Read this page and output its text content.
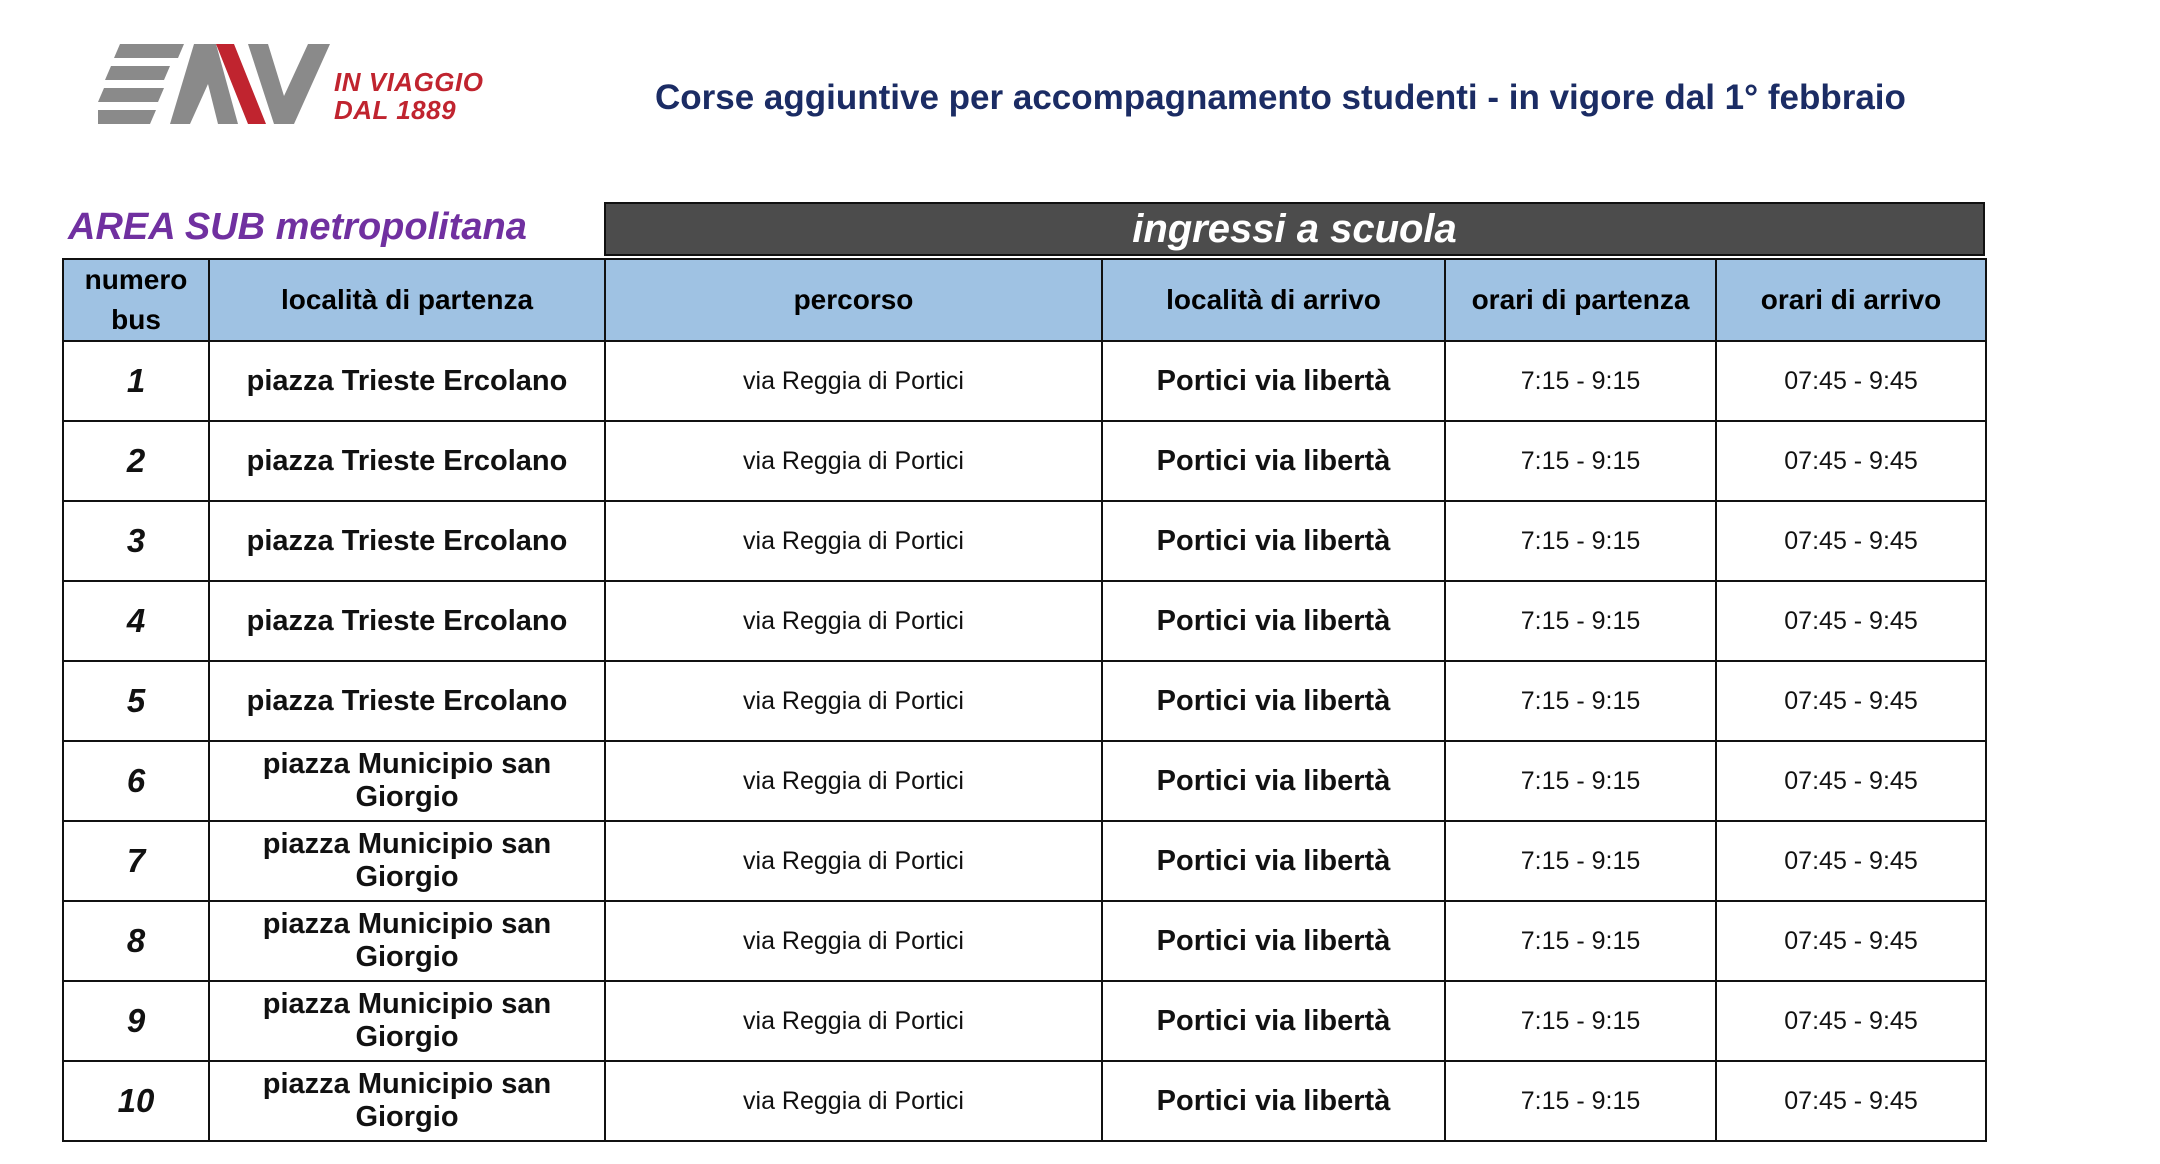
IN VIAGGIO
DAL 1889	Corse aggiuntive per accompagnamento studenti - in vigore dal 1° febbraio
AREA SUB metropolitana	ingressi a scuola
numero bus	località di partenza	percorso	località di arrivo	orari di partenza	orari di arrivo
1	piazza Trieste Ercolano	via Reggia di Portici	Portici via libertà	7:15 - 9:15	07:45 - 9:45
2	piazza Trieste Ercolano	via Reggia di Portici	Portici via libertà	7:15 - 9:15	07:45 - 9:45
3	piazza Trieste Ercolano	via Reggia di Portici	Portici via libertà	7:15 - 9:15	07:45 - 9:45
4	piazza Trieste Ercolano	via Reggia di Portici	Portici via libertà	7:15 - 9:15	07:45 - 9:45
5	piazza Trieste Ercolano	via Reggia di Portici	Portici via libertà	7:15 - 9:15	07:45 - 9:45
6	piazza Municipio san Giorgio	via Reggia di Portici	Portici via libertà	7:15 - 9:15	07:45 - 9:45
7	piazza Municipio san Giorgio	via Reggia di Portici	Portici via libertà	7:15 - 9:15	07:45 - 9:45
8	piazza Municipio san Giorgio	via Reggia di Portici	Portici via libertà	7:15 - 9:15	07:45 - 9:45
9	piazza Municipio san Giorgio	via Reggia di Portici	Portici via libertà	7:15 - 9:15	07:45 - 9:45
10	piazza Municipio san Giorgio	via Reggia di Portici	Portici via libertà	7:15 - 9:15	07:45 - 9:45
